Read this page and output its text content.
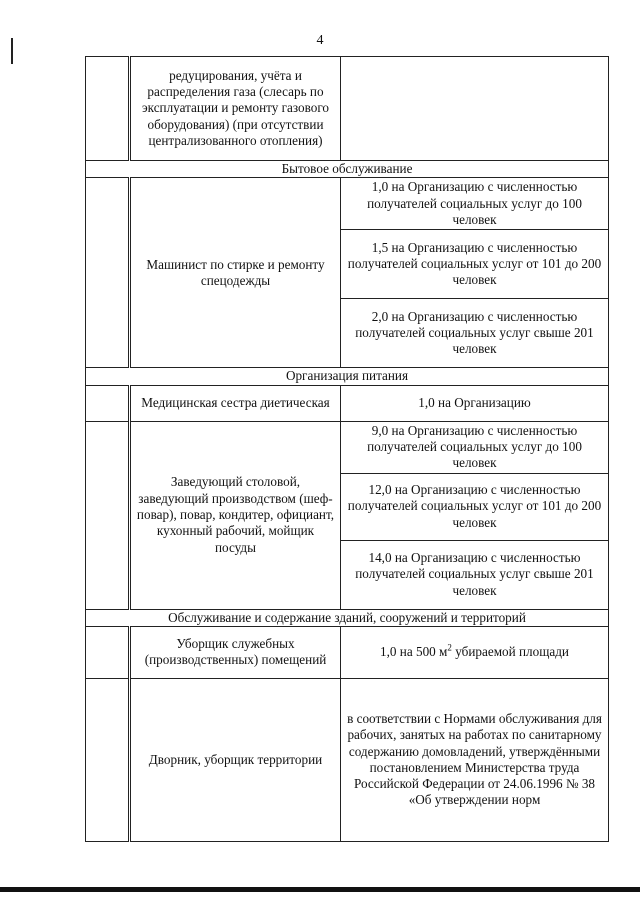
4
	редуцирования, учёта и распределения газа (слесарь по эксплуатации и ремонту газового оборудования) (при отсутствии централизованного отопления)	
Бытовое обслуживание		
	Машинист по стирке и ремонту спецодежды	1,0 на Организацию с численностью получателей социальных услуг до 100 человек
		1,5 на Организацию с численностью получателей социальных услуг от 101 до 200 человек
		2,0 на Организацию с численностью получателей социальных услуг свыше 201 человек
Организация питания		
	Медицинская сестра диетическая	1,0 на Организацию
	Заведующий столовой, заведующий производством (шеф-повар), повар, кондитер, официант, кухонный рабочий, мойщик посуды	9,0 на Организацию с численностью получателей социальных услуг до 100 человек
		12,0 на Организацию с численностью получателей социальных услуг от 101 до 200 человек
		14,0 на Организацию с численностью получателей социальных услуг свыше 201 человек
Обслуживание и содержание зданий, сооружений и территорий		
	Уборщик служебных (производственных) помещений	1,0 на 500 $м^2$ убираемой площади
	Дворник, уборщик территории	в соответствии с Нормами обслуживания для рабочих, занятых на работах по санитарному содержанию домовладений, утверждёнными постановлением Министерства труда Российской Федерации от 24.06.1996 № 38 «Об утверждении норм
